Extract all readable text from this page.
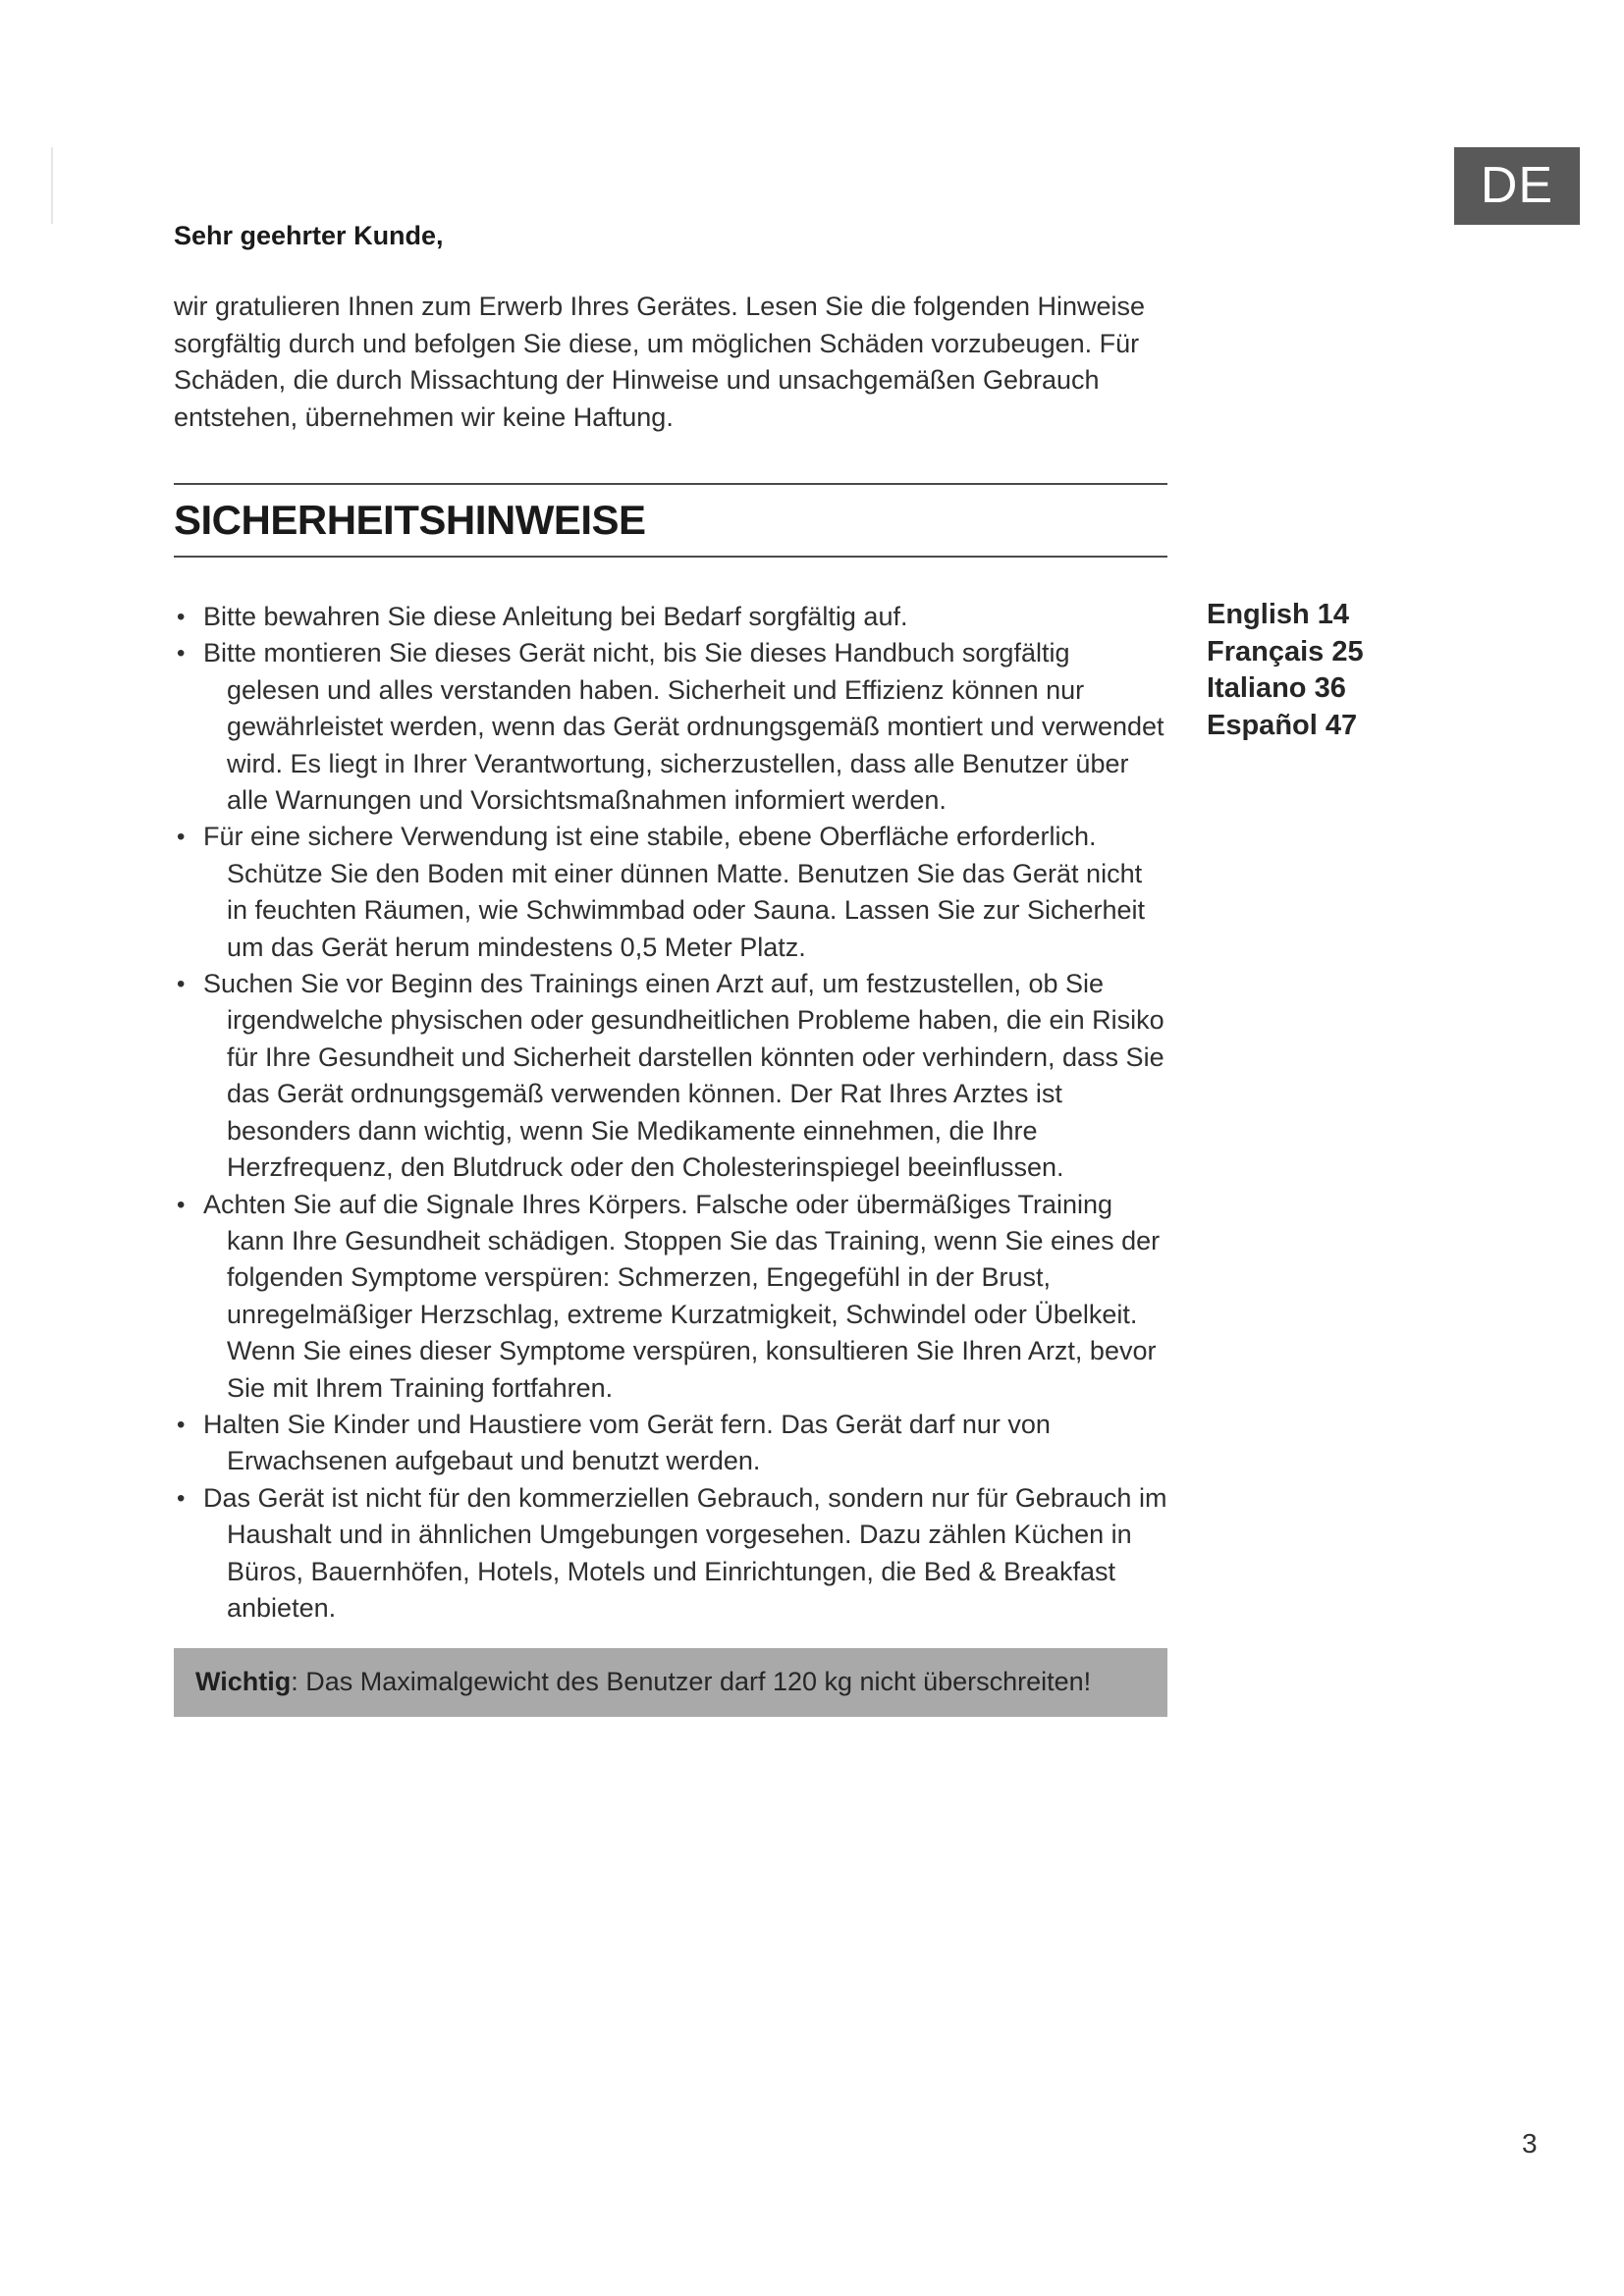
DE

Sehr geehrter Kunde,

wir gratulieren Ihnen zum Erwerb Ihres Gerätes. Lesen Sie die folgenden Hinweise sorgfältig durch und befolgen Sie diese, um möglichen Schäden vorzubeugen. Für Schäden, die durch Missachtung der Hinweise und unsachgemäßen Gebrauch entstehen, übernehmen wir keine Haftung.

SICHERHEITSHINWEISE
• Bitte bewahren Sie diese Anleitung bei Bedarf sorgfältig auf.
• Bitte montieren Sie dieses Gerät nicht, bis Sie dieses Handbuch sorgfältig gelesen und alles verstanden haben. Sicherheit und Effizienz können nur gewährleistet werden, wenn das Gerät ordnungsgemäß montiert und verwendet wird. Es liegt in Ihrer Verantwortung, sicherzustellen, dass alle Benutzer über alle Warnungen und Vorsichtsmaßnahmen informiert werden.
• Für eine sichere Verwendung ist eine stabile, ebene Oberfläche erforderlich. Schütze Sie den Boden mit einer dünnen Matte. Benutzen Sie das Gerät nicht in feuchten Räumen, wie Schwimmbad oder Sauna. Lassen Sie zur Sicherheit um das Gerät herum mindestens 0,5 Meter Platz.
• Suchen Sie vor Beginn des Trainings einen Arzt auf, um festzustellen, ob Sie irgendwelche physischen oder gesundheitlichen Probleme haben, die ein Risiko für Ihre Gesundheit und Sicherheit darstellen könnten oder verhindern, dass Sie das Gerät ordnungsgemäß verwenden können. Der Rat Ihres Arztes ist besonders dann wichtig, wenn Sie Medikamente einnehmen, die Ihre Herzfrequenz, den Blutdruck oder den Cholesterinspiegel beeinflussen.
• Achten Sie auf die Signale Ihres Körpers. Falsche oder übermäßiges Training kann Ihre Gesundheit schädigen. Stoppen Sie das Training, wenn Sie eines der folgenden Symptome verspüren: Schmerzen, Engegefühl in der Brust, unregelmäßiger Herzschlag, extreme Kurzatmigkeit, Schwindel oder Übelkeit. Wenn Sie eines dieser Symptome verspüren, konsultieren Sie Ihren Arzt, bevor Sie mit Ihrem Training fortfahren.
• Halten Sie Kinder und Haustiere vom Gerät fern. Das Gerät darf nur von Erwachsenen aufgebaut und benutzt werden.
• Das Gerät ist nicht für den kommerziellen Gebrauch, sondern nur für Gebrauch im Haushalt und in ähnlichen Umgebungen vorgesehen. Dazu zählen Küchen in Büros, Bauernhöfen, Hotels, Motels und Einrichtungen, die Bed & Breakfast anbieten.
Wichtig: Das Maximalgewicht des Benutzer darf 120 kg nicht überschreiten!
English 14
Français 25
Italiano 36
Español 47
3
